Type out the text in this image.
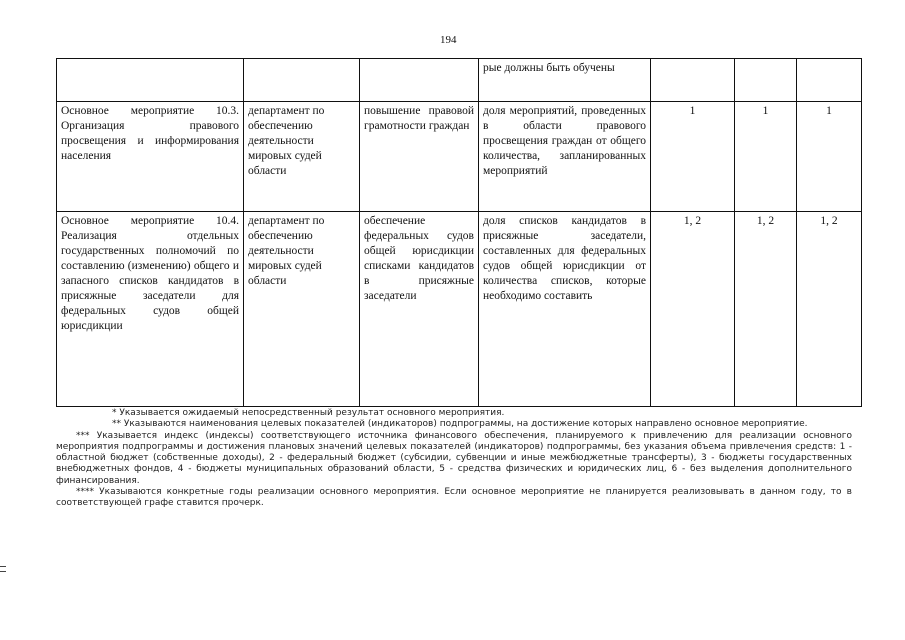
194
			рые должны быть обучены			
Основное мероприятие 10.3. Организация правового просвещения и информирования населения	департамент по обеспечению деятельности мировых судей области	повышение правовой грамотности граждан	доля мероприятий, проведенных в области правового просвещения граждан от общего количества, запланированных мероприятий	1	1	1
Основное мероприятие 10.4. Реализация отдельных государственных полномочий по составлению (изменению) общего и запасного списков кандидатов в присяжные заседатели для федеральных судов общей юрисдикции	департамент по обеспечению деятельности мировых судей области	обеспечение федеральных судов общей юрисдикции списками кандидатов в присяжные заседатели	доля списков кандидатов в присяжные заседатели, составленных для федеральных судов общей юрисдикции от количества списков, которые необходимо составить	1, 2	1, 2	1, 2

* Указывается ожидаемый непосредственный результат основного мероприятия.

** Указываются наименования целевых показателей (индикаторов) подпрограммы, на достижение которых направлено основное мероприятие.

*** Указывается индекс (индексы) соответствующего источника финансового обеспечения, планируемого к привлечению для реализации основного мероприятия подпрограммы и достижения плановых значений целевых показателей (индикаторов) подпрограммы, без указания объема привлечения средств: 1 - областной бюджет (собственные доходы), 2 - федеральный бюджет (субсидии, субвенции и иные межбюджетные трансферты), 3 - бюджеты государственных внебюджетных фондов, 4 - бюджеты муниципальных образований области, 5 - средства физических и юридических лиц, 6 - без выделения дополнительного финансирования.

**** Указываются конкретные годы реализации основного мероприятия. Если основное мероприятие не планируется реализовывать в данном году, то в соответствующей графе ставится прочерк.
